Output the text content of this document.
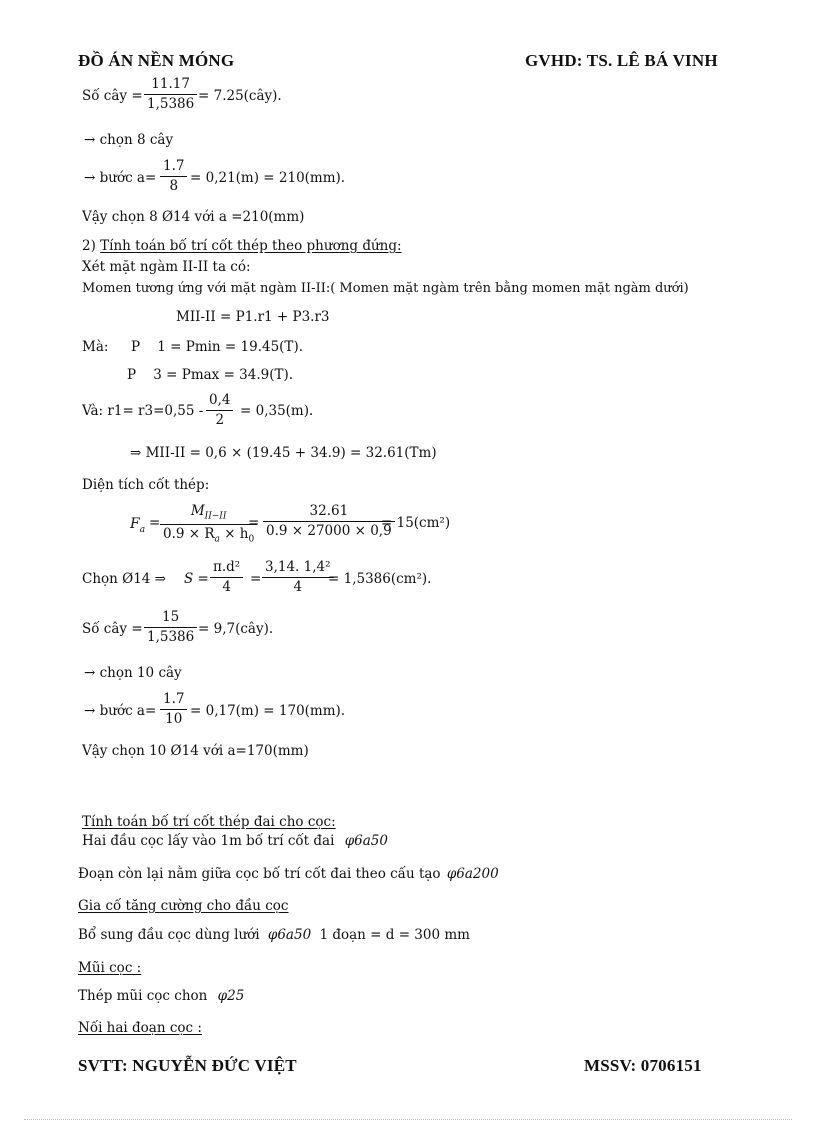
ĐỒ ÁN NỀN MÓNG	GVHD: TS. LÊ BÁ VINH
Số cây =
11.17
1,5386 = 7.25(cây).
→ chọn 8 cây
→ bước a=
1.7
8 = 0,21(m) = 210(mm).
Vậy chọn 8 Ø14 với a =210(mm)
2) Tính toán bố trí cốt thép theo phương đứng:
Xét mặt ngàm II-II ta có:
Momen tương ứng với mặt ngàm II-II:( Momen mặt ngàm trên bằng momen mặt ngàm dưới)
MII-II = P1.r1 + P3.r3
Mà: P    1 = Pmin = 19.45(T).
P    3 = Pmax = 34.9(T).
Và: r1= r3=0,55 -
0,4
2
= 0,35(m).
⇒ MII-II = 0,6 × (19.45 + 34.9) = 32.61(Tm)
Diện tích cốt thép:
$F_a$ =
$M_{II-II}$
$0.9 \times R_a \times h_0$
=
32.61
0.9 × 27000 × 0,9
= 15(cm²)
Chọn Ø14 ⇒ S =
π.d²
4 =
3,14. 1,4²
4 = 1,5386(cm²).
Số cây =
15
1,5386 = 9,7(cây).
→ chọn 10 cây
→ bước a=
1.7
10 = 0,17(m) = 170(mm).
Vậy chọn 10 Ø14 với a=170(mm)
Tính toán bố trí cốt thép đai cho cọc:
Hai đầu cọc lấy vào 1m bố trí cốt đai φ6a50
Đoạn còn lại nằm giữa cọc bố trí cốt đai theo cấu tạo φ6a200
Gia cố tăng cường cho đầu cọc
Bổ sung đầu cọc dùng lưới φ6a50 1 đoạn = d = 300 mm
Mũi cọc :
Thép mũi cọc chon φ25
Nối hai đoạn cọc :
SVTT: NGUYỄN ĐỨC VIỆT	MSSV: 0706151
